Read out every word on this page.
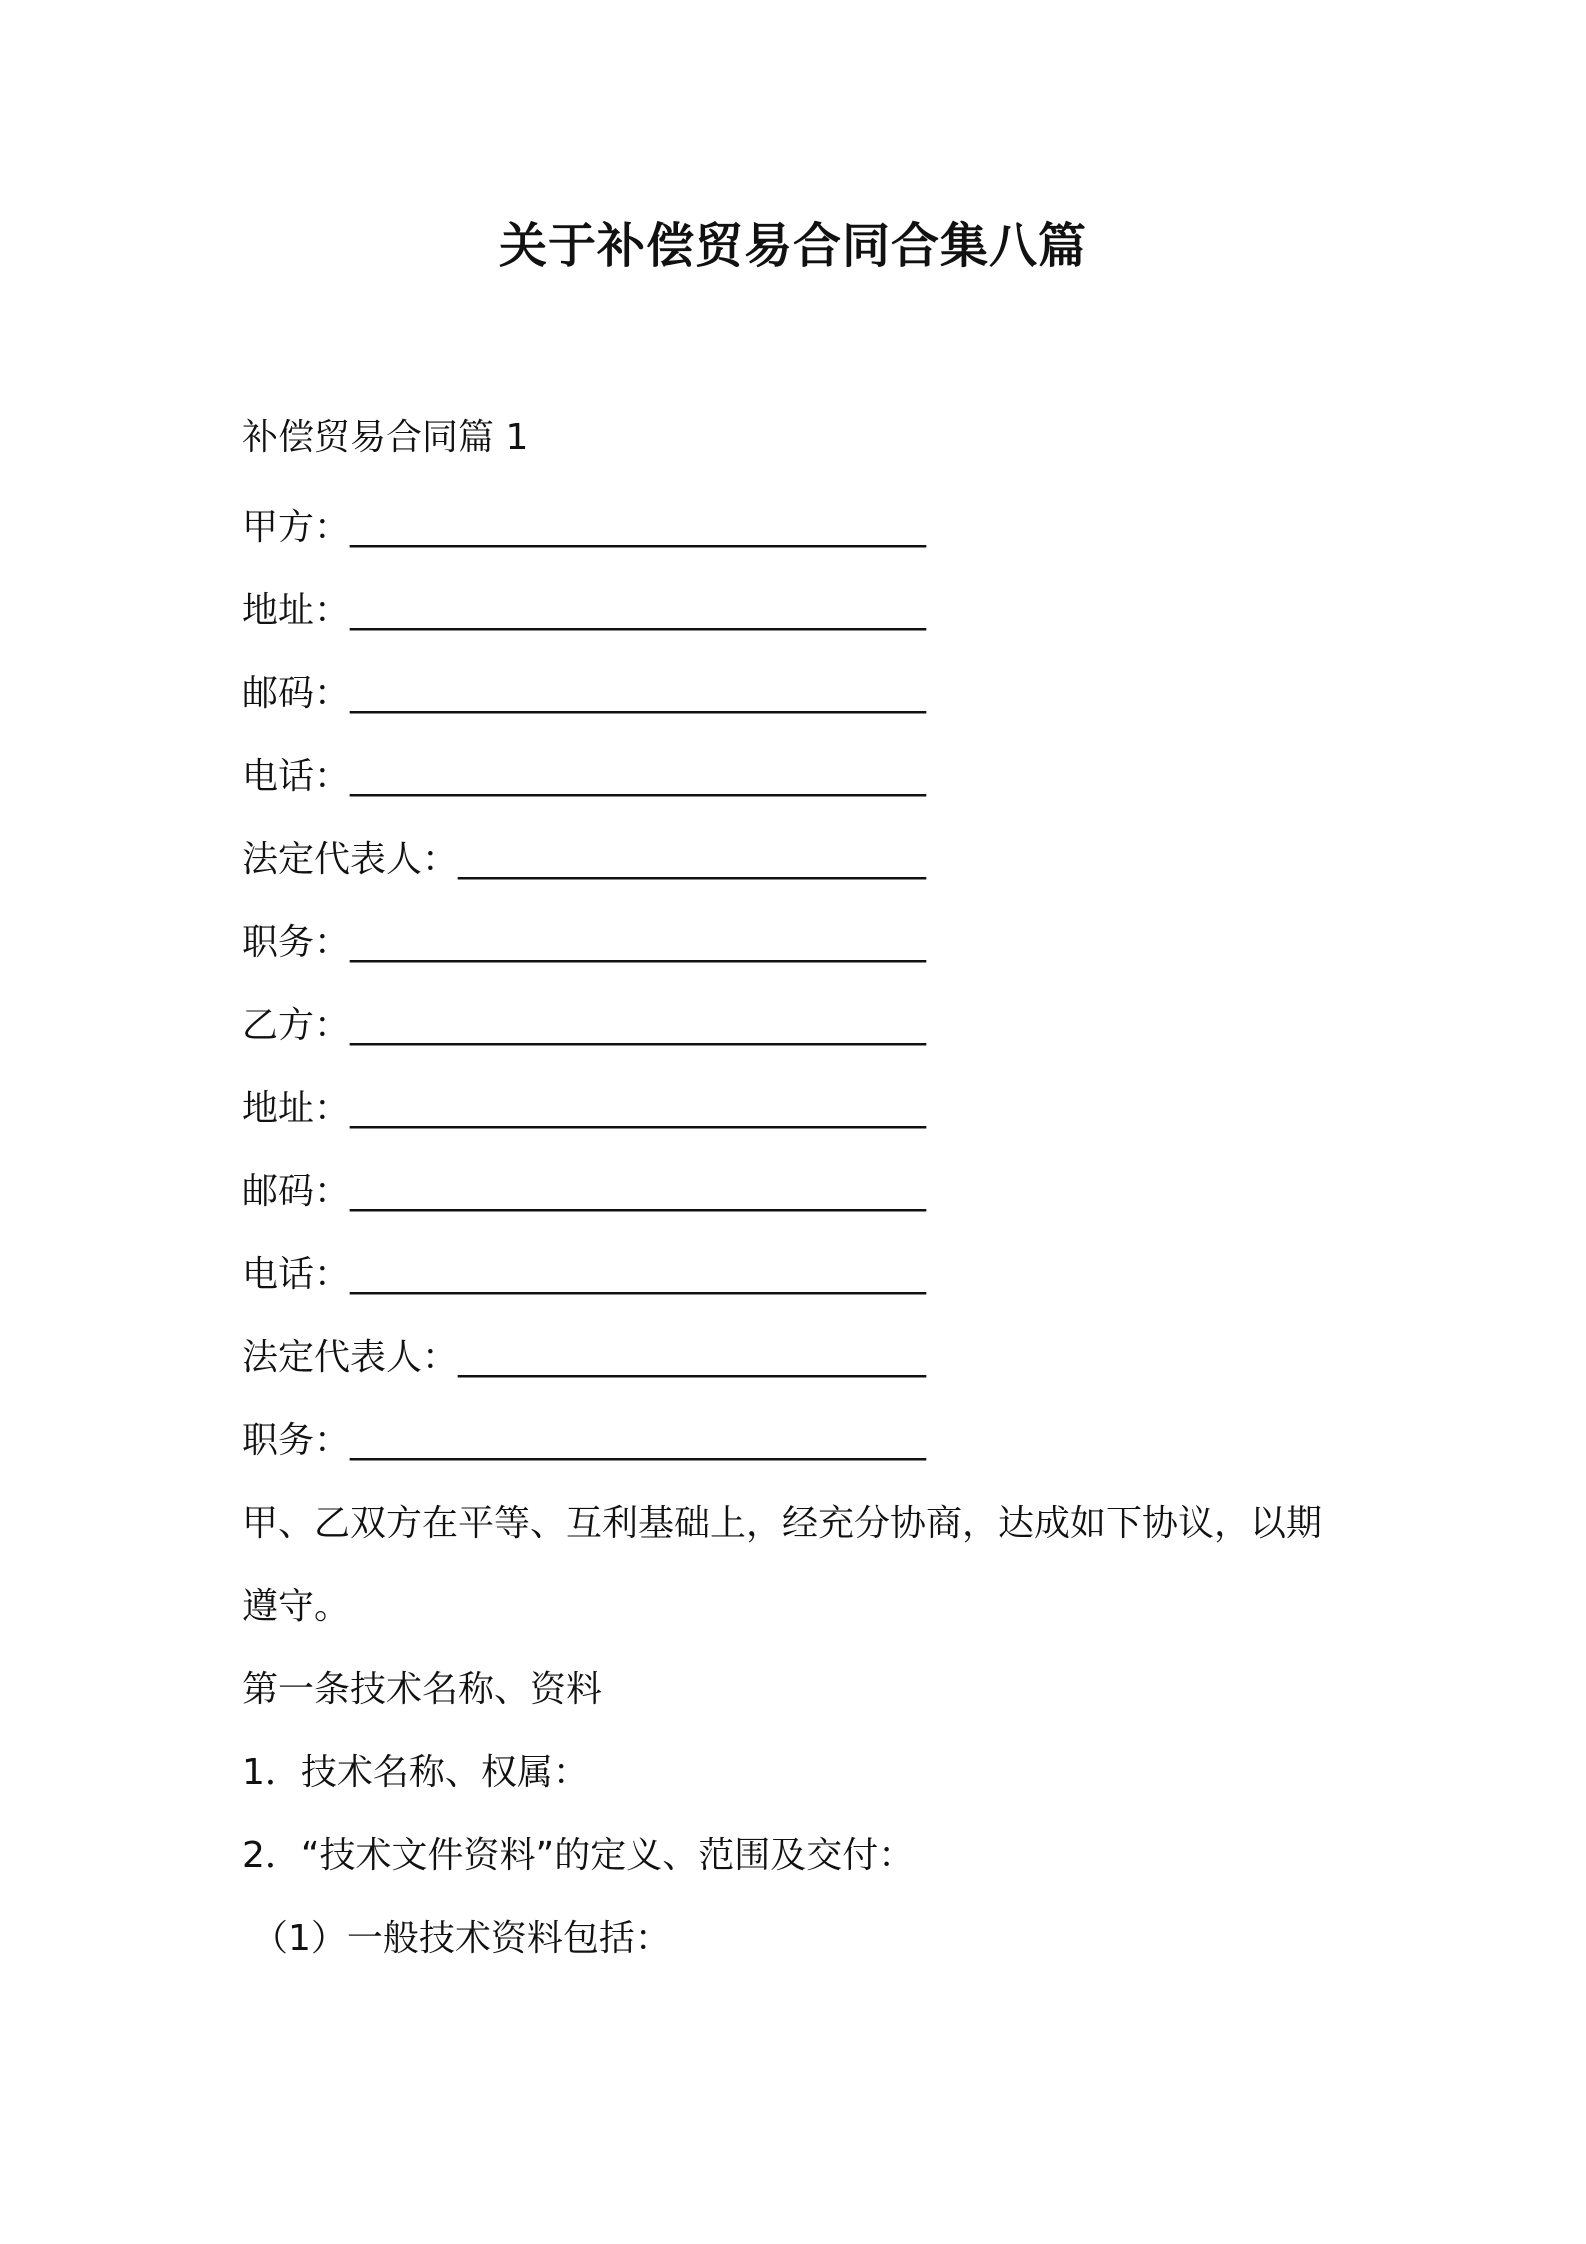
关于补偿贸易合同合集八篇
补偿贸易合同篇 1
甲方：________________________________
地址：________________________________
邮码：________________________________
电话：________________________________
法定代表人：__________________________
职务：________________________________
乙方：________________________________
地址：________________________________
邮码：________________________________
电话：________________________________
法定代表人：__________________________
职务：________________________________
甲、乙双方在平等、互利基础上，经充分协商，达成如下协议，以期
遵守。
第一条技术名称、资料
1．技术名称、权属：
2．“技术文件资料”的定义、范围及交付：
（1）一般技术资料包括：
